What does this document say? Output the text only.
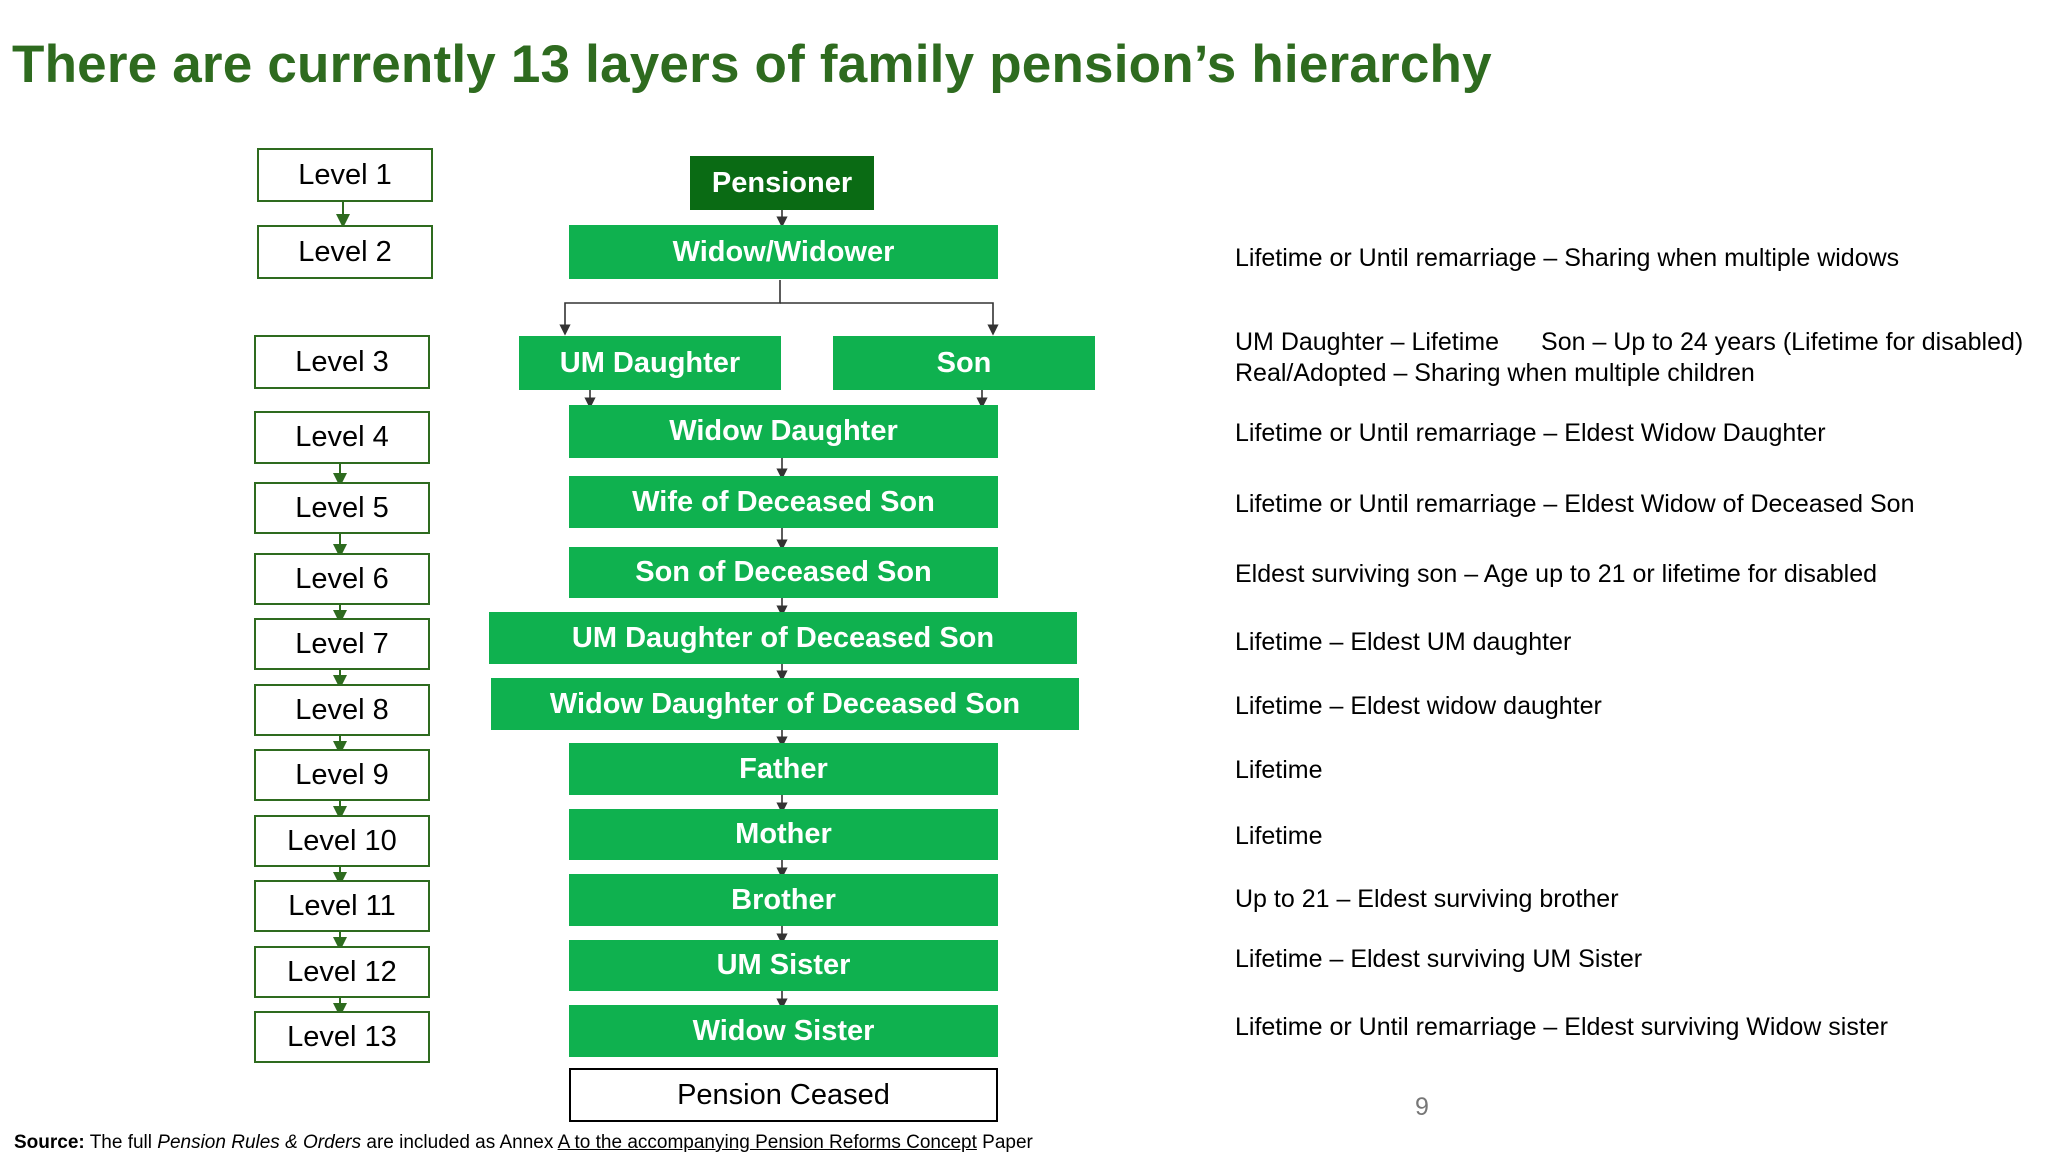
There are currently 13 layers of family pension’s hierarchy
Level 1
Level 2
Level 3
Level 4
Level 5
Level 6
Level 7
Level 8
Level 9
Level 10
Level 11
Level 12
Level 13
Pensioner
Widow/Widower
UM Daughter	Son
Widow Daughter
Wife of Deceased Son
Son of Deceased Son
UM Daughter of Deceased Son
Widow Daughter of Deceased Son
Father
Mother
Brother
UM Sister
Widow Sister
Pension Ceased
Lifetime or Until remarriage – Sharing when multiple widows
UM Daughter – Lifetime Son – Up to 24 years (Lifetime for disabled)
Real/Adopted – Sharing when multiple children
Lifetime or Until remarriage – Eldest Widow Daughter
Lifetime or Until remarriage – Eldest Widow of Deceased Son
Eldest surviving son – Age up to 21 or lifetime for disabled
Lifetime – Eldest UM daughter
Lifetime – Eldest widow daughter
Lifetime
Lifetime
Up to 21 – Eldest surviving brother
Lifetime – Eldest surviving UM Sister
Lifetime or Until remarriage – Eldest surviving Widow sister
9
Source: The full Pension Rules & Orders are included as Annex A to the accompanying Pension Reforms Concept Paper
